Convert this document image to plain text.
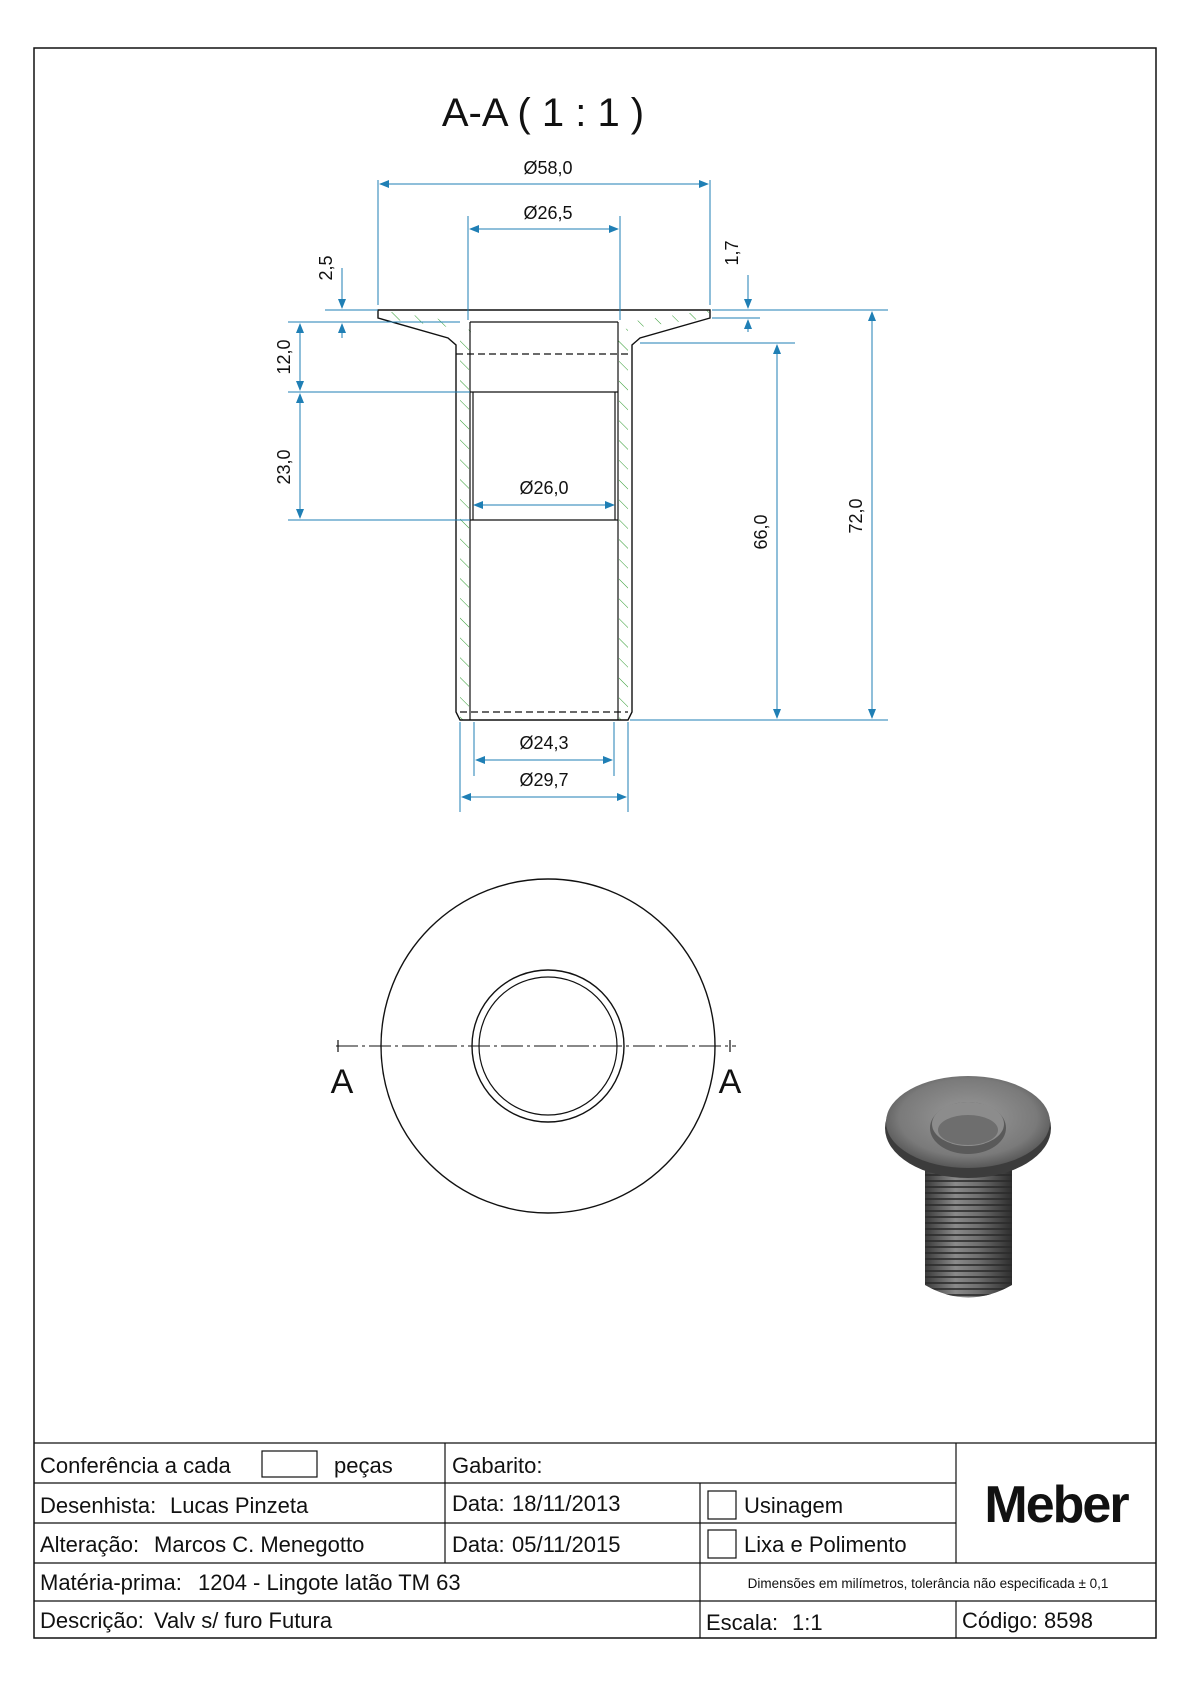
A-A ( 1 : 1 )
Ø58,0
Ø26,5
2,5
1,7
12,0
23,0
Ø26,0
66,0	72,0
Ø24,3
Ø29,7
A	A
Conferência a cada	peças	Gabarito:
Desenhista: Lucas Pinzeta	Data: 18/11/2013	Usinagem
Alteração: Marcos C. Menegotto	Data: 05/11/2015	Lixa e Polimento
Matéria-prima: 1204 - Lingote latão TM 63	Dimensões em milímetros, tolerância não especificada ± 0,1
Descrição: Valv s/ furo Futura	Escala: 1:1	Código: 8598
Meber
